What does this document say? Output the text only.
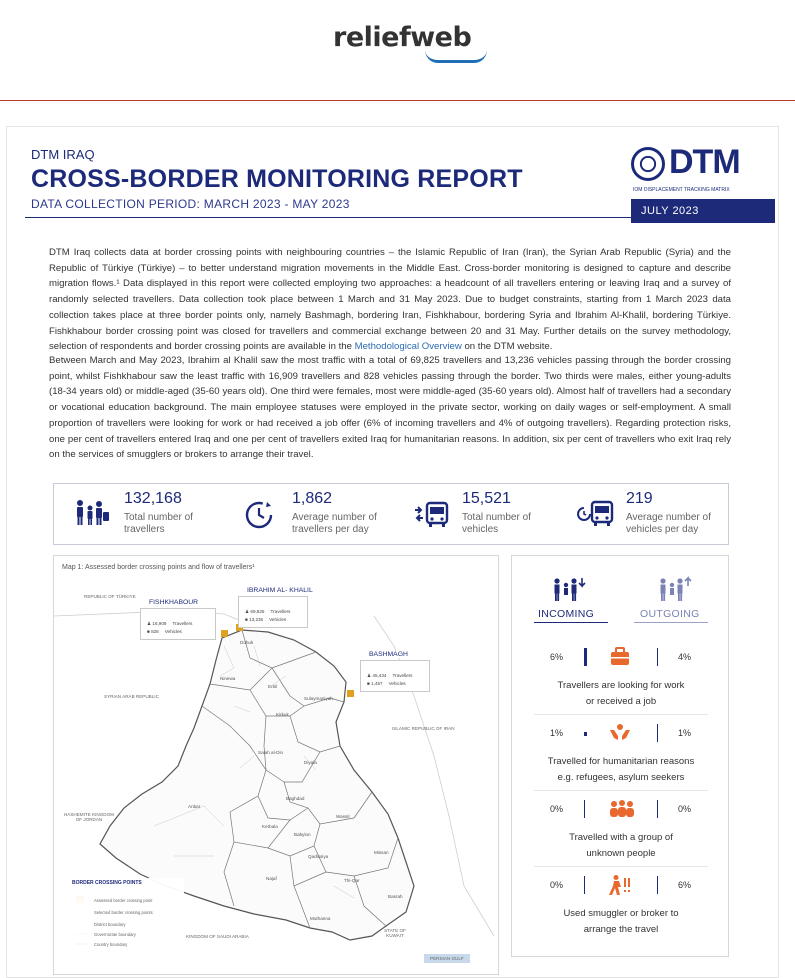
reliefweb
DTM IRAQ
CROSS-BORDER MONITORING REPORT
DATA COLLECTION PERIOD: MARCH 2023 - MAY 2023
DTM
IOM DISPLACEMENT TRACKING MATRIX
JULY 2023

DTM Iraq collects data at border crossing points with neighbouring countries – the Islamic Republic of Iran (Iran), the Syrian Arab Republic (Syria) and the Republic of Türkiye (Türkiye) – to better understand migration movements in the Middle East. Cross-border monitoring is designed to capture and describe migration flows.¹ Data displayed in this report were collected employing two approaches: a headcount of all travellers entering or leaving Iraq and a survey of randomly selected travellers. Data collection took place between 1 March and 31 May 2023. Due to budget constraints, starting from 1 March 2023 data collection takes place at three border points only, namely Bashmagh, bordering Iran, Fishkhabour, bordering Syria and Ibrahim Al-Khalil, bordering Türkiye. Fishkhabour border crossing point was closed for travellers and commercial exchange between 20 and 31 May. Further details on the survey methodology, selection of respondents and border crossing points are available in the Methodological Overview on the DTM website.

Between March and May 2023, Ibrahim al Khalil saw the most traffic with a total of 69,825 travellers and 13,236 vehicles passing through the border crossing point, whilst Fishkhabour saw the least traffic with 16,909 travellers and 828 vehicles passing through the border. Two thirds were males, either young-adults (18-34 years old) or middle-aged (35-60 years old). One third were females, most were middle-aged (35-60 years old). Almost half of travellers had a secondary or vocational education background. The main employee statuses were employed in the private sector, working on daily wages or self-employment. A small proportion of travellers were looking for work or had received a job offer (6% of incoming travellers and 4% of outgoing travellers). Regarding protection risks, one per cent of travellers entered Iraq and one per cent of travellers exited Iraq for humanitarian reasons. In addition, six per cent of travellers who exit Iraq rely on the services of smugglers or brokers to arrange their travel.

132,168
Total number of
travellers
1,862
Average number of
travellers per day
15,521
Total number of
vehicles
219
Average number of
vehicles per day
Map 1: Assessed border crossing points and flow of travellers¹
REPUBLIC OF TÜRKIYE
SYRIAN ARAB REPUBLIC
ISLAMIC REPUBLIC OF IRAN
HASHEMITE KINGDOM OF JORDAN
KINGDOM OF SAUDI ARABIA
STATE OF KUWAIT
PERSIAN GULF
Dohuk
Ninewa
Erbil
Kirkuk
Sulaymaniyah
Salah al-Din
Diyala
Anbar
Baghdad
Wassit
Kerbala
Babylon
Qadissiya
Missan
Thi-Qar
Najaf
Basrah
Muthanna
FISHKHABOUR
♟ 16,909 Travellers
■ 828 Vehicles
IBRAHIM AL- KHALIL
♟ 69,825 Travellers
■ 13,236 Vehicles
BASHMAGH
♟ 45,434 Travellers
■ 1,457 Vehicles
BORDER CROSSING POINTS
Assessed border crossing point
Selected border crossing points
District boundary
Governorate boundary
Country boundary
INCOMING	OUTGOING
6%	4%
Travellers are looking for work
or received a job
1%	1%
Travelled for humanitarian reasons
e.g. refugees, asylum seekers
0%	0%
Travelled with a group of
unknown people
0%	6%
Used smuggler or broker to
arrange the travel
